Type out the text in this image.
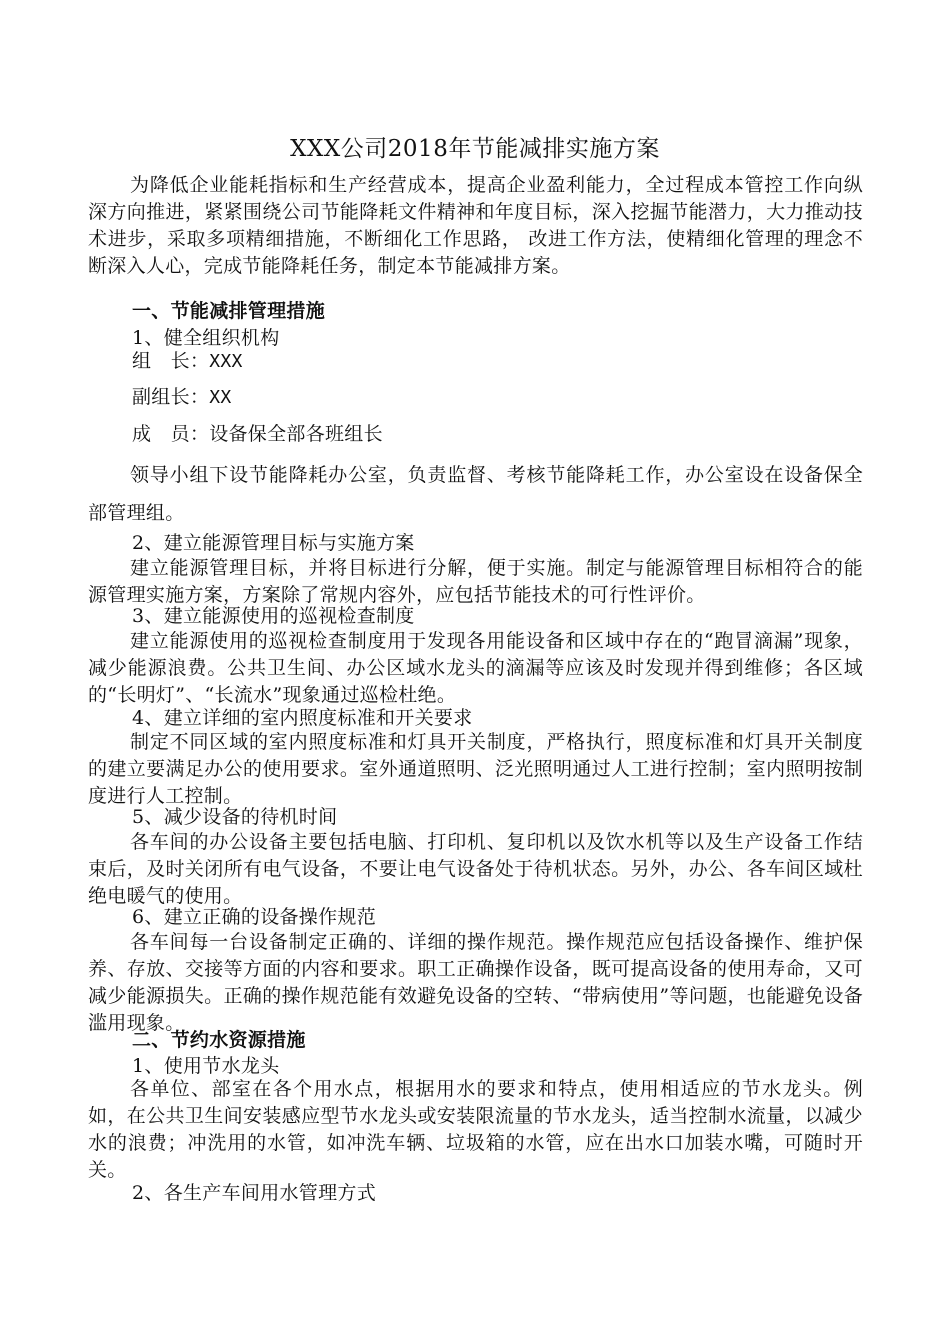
XXX公司2018年节能减排实施方案
为降低企业能耗指标和生产经营成本，提高企业盈利能力，全过程成本管控工作向纵深方向推进，紧紧围绕公司节能降耗文件精神和年度目标，深入挖掘节能潜力，大力推动技术进步，采取多项精细措施，不断细化工作思路， 改进工作方法，使精细化管理的理念不断深入人心，完成节能降耗任务，制定本节能减排方案。
一、节能减排管理措施
1、健全组织机构
组　长：XXX
副组长：XX
成　员：设备保全部各班组长
领导小组下设节能降耗办公室，负责监督、考核节能降耗工作，办公室设在设备保全部管理组。
2、建立能源管理目标与实施方案
建立能源管理目标，并将目标进行分解，便于实施。制定与能源管理目标相符合的能源管理实施方案，方案除了常规内容外，应包括节能技术的可行性评价。
3、建立能源使用的巡视检查制度
建立能源使用的巡视检查制度用于发现各用能设备和区域中存在的“跑冒滴漏”现象，减少能源浪费。公共卫生间、办公区域水龙头的滴漏等应该及时发现并得到维修；各区域的“长明灯”、“长流水”现象通过巡检杜绝。
4、建立详细的室内照度标准和开关要求
制定不同区域的室内照度标准和灯具开关制度，严格执行，照度标准和灯具开关制度的建立要满足办公的使用要求。室外通道照明、泛光照明通过人工进行控制；室内照明按制度进行人工控制。
5、减少设备的待机时间
各车间的办公设备主要包括电脑、打印机、复印机以及饮水机等以及生产设备工作结束后，及时关闭所有电气设备，不要让电气设备处于待机状态。另外，办公、各车间区域杜绝电暖气的使用。
6、建立正确的设备操作规范
各车间每一台设备制定正确的、详细的操作规范。操作规范应包括设备操作、维护保养、存放、交接等方面的内容和要求。职工正确操作设备，既可提高设备的使用寿命，又可减少能源损失。正确的操作规范能有效避免设备的空转、“带病使用”等问题，也能避免设备滥用现象。
二、节约水资源措施
1、使用节水龙头
各单位、部室在各个用水点，根据用水的要求和特点，使用相适应的节水龙头。例如，在公共卫生间安装感应型节水龙头或安装限流量的节水龙头，适当控制水流量，以减少水的浪费；冲洗用的水管，如冲洗车辆、垃圾箱的水管，应在出水口加装水嘴，可随时开关。
2、各生产车间用水管理方式
